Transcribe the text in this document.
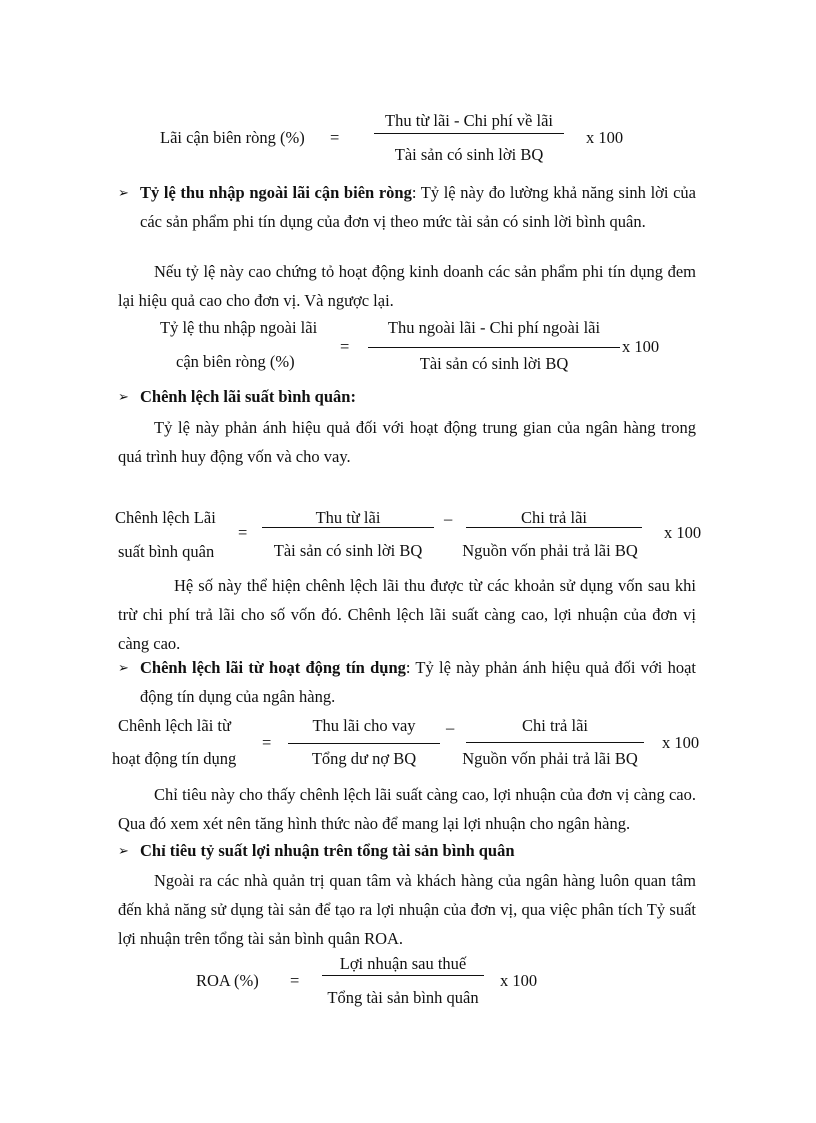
Lãi cận biên ròng (%) =
Thu từ lãi - Chi phí về lãi
Tài sản có sinh lời BQ
x 100
➢ Tỷ lệ thu nhập ngoài lãi cận biên ròng: Tỷ lệ này đo lường khả năng sinh lời của các sản phẩm phi tín dụng của đơn vị theo mức tài sản có sinh lời bình quân.
Nếu tỷ lệ này cao chứng tỏ hoạt động kinh doanh các sản phẩm phi tín dụng đem lại hiệu quả cao cho đơn vị. Và ngược lại.
Tỷ lệ thu nhập ngoài lãi
cận biên ròng (%)
=
Thu ngoài lãi - Chi phí ngoài lãi
Tài sản có sinh lời BQ
x 100
➢ Chênh lệch lãi suất bình quân:
Tỷ lệ này phản ánh hiệu quả đối với hoạt động trung gian của ngân hàng trong quá trình huy động vốn và cho vay.
Chênh lệch Lãi
suất bình quân
=
Thu từ lãi
Tài sản có sinh lời BQ
–	Chi trả lãi
Nguồn vốn phải trả lãi BQ
x 100
Hệ số này thể hiện chênh lệch lãi thu được từ các khoản sử dụng vốn sau khi trừ chi phí trả lãi cho số vốn đó. Chênh lệch lãi suất càng cao, lợi nhuận của đơn vị càng cao.
➢ Chênh lệch lãi từ hoạt động tín dụng: Tỷ lệ này phản ánh hiệu quả đối với hoạt động tín dụng của ngân hàng.
Chênh lệch lãi từ
hoạt động tín dụng
=
Thu lãi cho vay
Tổng dư nợ BQ
–	Chi trả lãi
Nguồn vốn phải trả lãi BQ
x 100
Chỉ tiêu này cho thấy chênh lệch lãi suất càng cao, lợi nhuận của đơn vị càng cao. Qua đó xem xét nên tăng hình thức nào để mang lại lợi nhuận cho ngân hàng.
➢ Chỉ tiêu tỷ suất lợi nhuận trên tổng tài sản bình quân
Ngoài ra các nhà quản trị quan tâm và khách hàng của ngân hàng luôn quan tâm đến khả năng sử dụng tài sản để tạo ra lợi nhuận của đơn vị, qua việc phân tích Tỷ suất lợi nhuận trên tổng tài sản bình quân ROA.
ROA (%) =
Lợi nhuận sau thuế
Tổng tài sản bình quân
x 100
